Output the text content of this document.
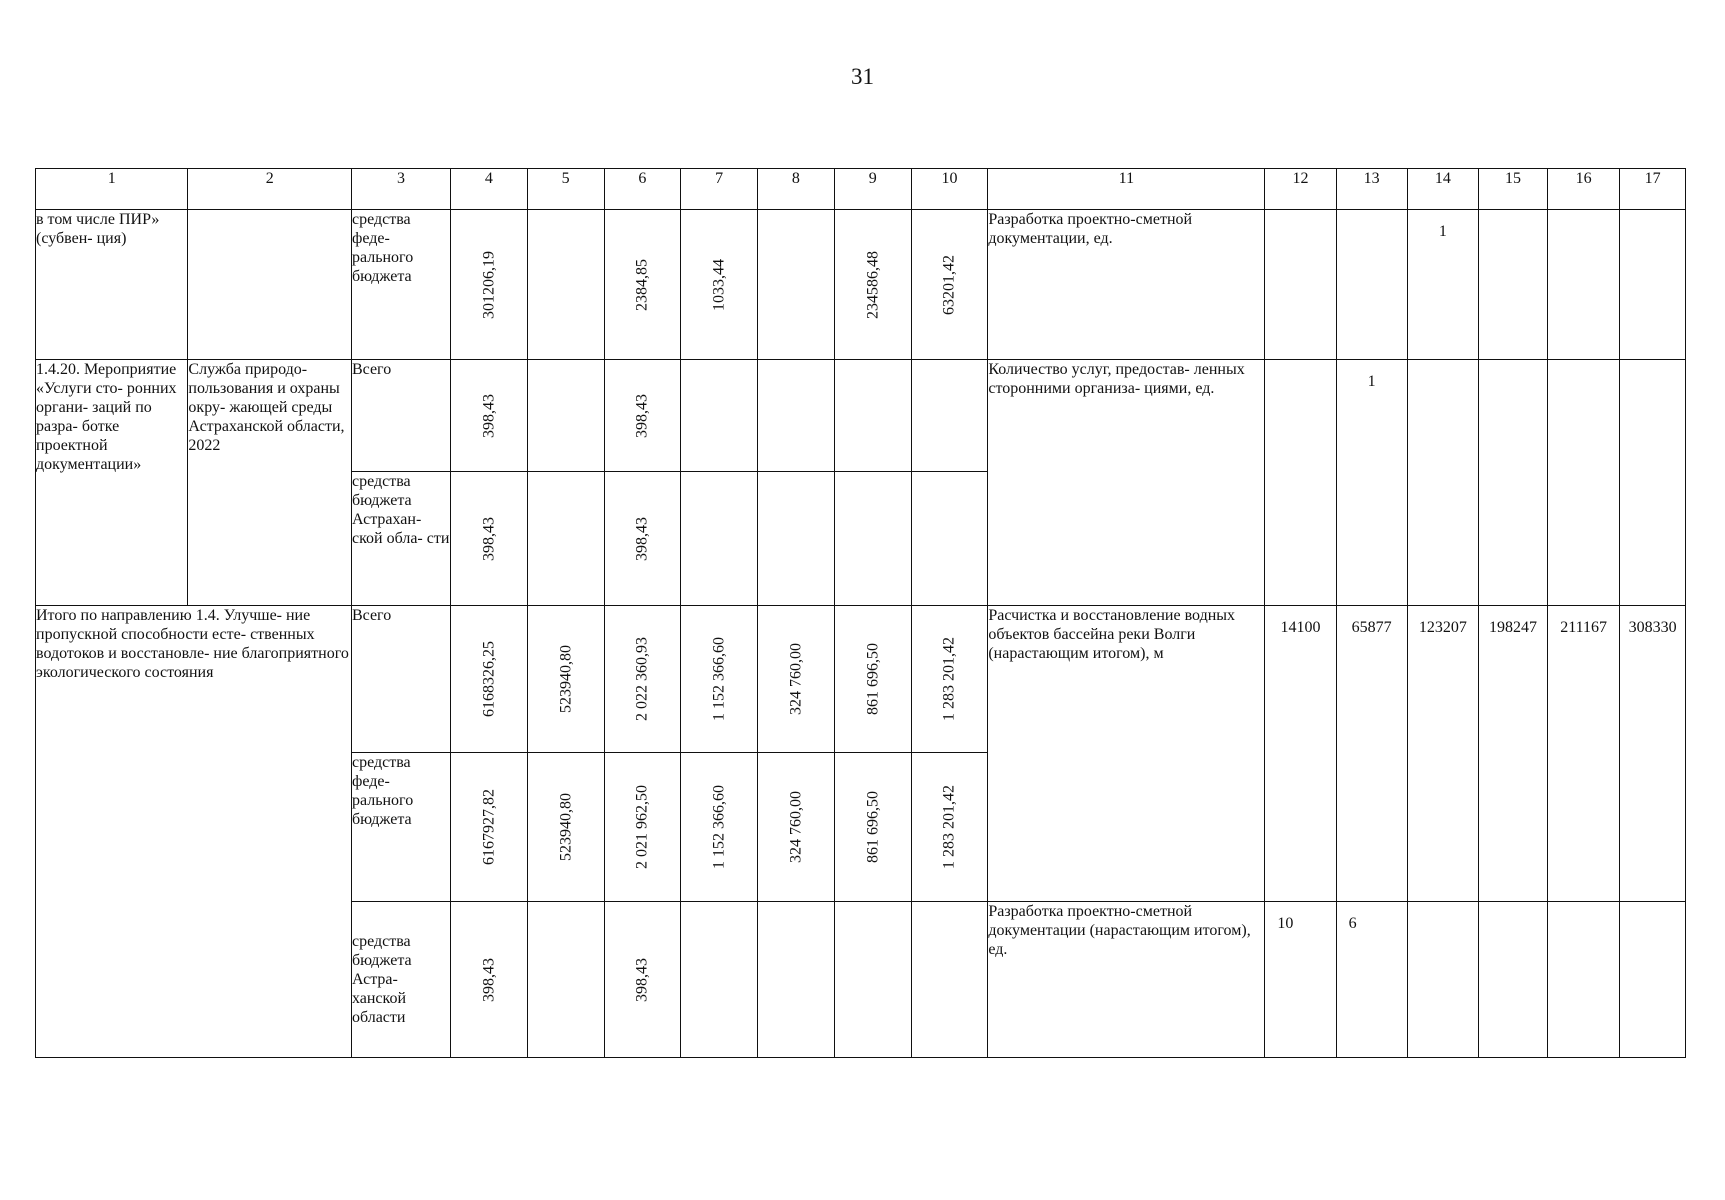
31
1	2	3	4	5	6	7	8	9	10	11	12	13	14	15	16	17
в том числе ПИР» (субвен- ция)		средства феде- рального бюджета	301206,19		2384,85	1033,44		234586,48	63201,42	Разработка проектно-сметной документации, ед.			1			
1.4.20. Мероприятие «Услуги сто- ронних органи- заций по разра- ботке проектной документации»	Служба природо- пользования и охраны окру- жающей среды Астраханской области, 2022	Всего	398,43		398,43					Количество услуг, предостав- ленных сторонними организа- циями, ед.		1				
		средства бюджета Астрахан- ской обла- сти	398,43		398,43											

Итого по направлению 1.4. Улучше- ние пропускной способности есте- ственных водотоков и восстановле- ние благоприятного экологического состояния		Всего	6168326,25	523940,80	2 022 360,93	1 152 366,60	324 760,00	861 696,50	1 283 201,42	Расчистка и восстановление водных объектов бассейна реки Волги (нарастающим итогом), м	14100	65877	123207	198247	211167	308330
		средства феде- рального бюджета	6167927,82	523940,80	2 021 962,50	1 152 366,60	324 760,00	861 696,50	1 283 201,42							

		средства бюджета Астра- ханской области	398,43		398,43					Разработка проектно-сметной документации (нарастающим итогом), ед.	10	6				
